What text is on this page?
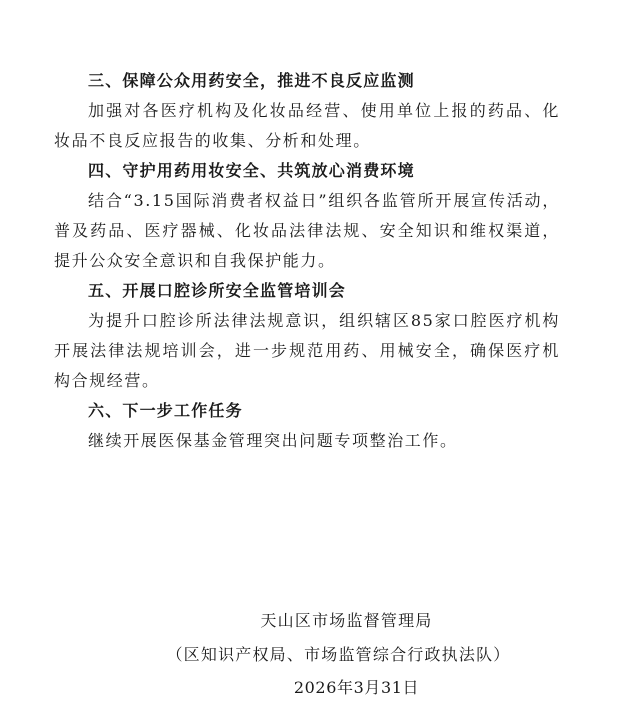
三、保障公众用药安全，推进不良反应监测

加强对各医疗机构及化妆品经营、使用单位上报的药品、化妆品不良反应报告的收集、分析和处理。

四、守护用药用妆安全、共筑放心消费环境

结合“3.15国际消费者权益日”组织各监管所开展宣传活动，普及药品、医疗器械、化妆品法律法规、安全知识和维权渠道，提升公众安全意识和自我保护能力。

五、开展口腔诊所安全监管培训会

为提升口腔诊所法律法规意识，组织辖区85家口腔医疗机构开展法律法规培训会，进一步规范用药、用械安全，确保医疗机构合规经营。

六、下一步工作任务

继续开展医保基金管理突出问题专项整治工作。

天山区市场监督管理局
（区知识产权局、市场监管综合行政执法队）
2026年3月31日
